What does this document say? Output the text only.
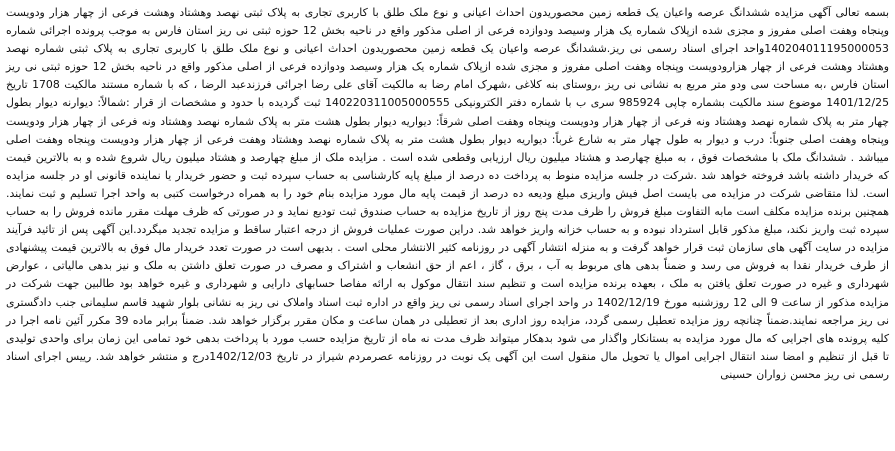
بسمه تعالی آگهی مزایده ششدانگ عرصه واعیان یک قطعه زمین محصوریدون احداث اعیانی و نوع ملک طلق با کاربری تجاری به پلاک ثبتی نهصد وهشتاد وهشت فرعی از چهار هزار ودویست وپنجاه وهفت اصلی مفروز و مجزی شده ازپلاک شماره یک هزار وسیصد ودوازده فرعی از اصلی مذکور واقع در ناحیه بخش 12 حوزه ثبتی نی ریز استان فارس به موجب پرونده اجرائی شماره 140204011195000053واحد اجرای اسناد رسمی نی ریز.ششدانگ عرصه واعیان یک قطعه زمین محصوریدون احداث اعیانی و نوع ملک طلق با کاربری تجاری به پلاک ثبتی شماره نهصد وهشتاد وهشت فرعی از چهار هزارودویست وپنجاه وهفت اصلی مفروز و مجزی شده ازپلاک شماره یک هزار وسیصد ودوازده فرعی از اصلی مذکور واقع در ناحیه بخش 12 حوزه ثبتی نی ریز استان فارس ،به مساحت سی ودو متر مربع به نشانی نی ریز ،روستای بنه کلاغی ،شهرک امام رضا به مالکیت آقای علی رضا اجرائی فرزندعبد الرضا ، که با شماره مستند مالکیت 1708 تاریخ 1401/12/25 موضوع سند مالکیت بشماره چاپی 985924 سری ب با شماره دفتر الکترونیکی 140220311005000555 ثبت گردیده با حدود و مشخصات از قرار :شمالاً: دیوارنه دیوار بطول چهار متر به پلاک شماره نهصد وهشتاد ونه فرعی از چهار هزار ودویست وپنجاه وهفت اصلی شرقاً: دیواریه دیوار بطول هشت متر به پلاک شماره نهصد وهشتاد ونه فرعی از چهار هزار ودویست وپنجاه وهفت اصلی جنوباً: درب و دیوار به طول چهار متر به شارع غرباً: دیواریه دیوار بطول هشت متر به پلاک شماره نهصد وهشتاد وهفت فرعی از چهار هزار ودویست وپنجاه وهفت اصلی میباشد . ششدانگ ملک با مشخصات فوق ، به مبلغ چهارصد و هشتاد میلیون ریال ارزیابی وقطعی شده است . مزایده ملک از مبلغ چهارصد و هشتاد میلیون ریال شروع شده و به بالاترین قیمت که خریدار داشته باشد فروخته خواهد شد .شرکت در جلسه مزایده منوط به پرداخت ده درصد از مبلغ پایه کارشناسی به حساب سپرده ثبت و حضور خریدار یا نماینده قانونی او در جلسه مزایده است. لذا متقاضی شرکت در مزایده می بایست اصل فیش واریزی مبلغ ودیعه ده درصد از قیمت پایه مال مورد مزایده بنام خود را به همراه درخواست کتبی به واحد اجرا تسلیم و ثبت نمایند. همچنین برنده مزایده مکلف است مابه التفاوت مبلغ فروش را ظرف مدت پنج روز از تاریخ مزایده به حساب صندوق ثبت تودیع نماید و در صورتی که ظرف مهلت مقرر مانده فروش را به حساب سپرده ثبت واریز نکند، مبلغ مذکور قابل استرداد نبوده و به حساب خزانه واریز خواهد شد. دراین صورت عملیات فروش از درجه اعتبار ساقط و مزایده تجدید میگردد.این آگهی پس از تائید فرآیند مزایده در سایت آگهی های سازمان ثبت قرار خواهد گرفت و به منزله انتشار آگهی در روزنامه کثیر الانتشار محلی است . بدیهی است در صورت تعدد خریدار مال فوق به بالاترین قیمت پیشنهادی از طرف خریدار نقدا به فروش می رسد و ضمناً بدهی های مربوط به آب ، برق ، گاز ، اعم از حق انشعاب و اشتراک و مصرف در صورت تعلق داشتن به ملک و نیز بدهی مالیاتی ، عوارض شهرداری و غیره در صورت تعلق یافتن به ملک ، بعهده برنده مزایده است و تنظیم سند انتقال موکول به ارائه مفاصا حسابهای دارایی و شهرداری و غیره خواهد بود طالبین جهت شرکت در مزایده مذکور از ساعت 9 الی 12 روزشنبه مورخ 1402/12/19 در واحد اجرای اسناد رسمی نی ریز واقع در اداره ثبت اسناد واملاک نی ریز به نشانی بلوار شهید قاسم سلیمانی جنب دادگستری نی ریز مراجعه نمایند.ضمناً چنانچه روز مزایده تعطیل رسمی گردد، مزایده روز اداری بعد از تعطیلی در همان ساعت و مکان مقرر برگزار خواهد شد. ضمناً برابر ماده 39 مکرر آئین نامه اجرا در کلیه پرونده های اجرایی که مال مورد مزایده به بستانکار واگذار می شود بدهکار میتواند ظرف مدت نه ماه از تاریخ مزایده حسب مورد با پرداخت بدهی خود تمامی این زمان برای واحدی تولیدی تا قبل از تنظیم و امضا سند انتقال اجرایی اموال یا تحویل مال منقول است این آگهی یک نوبت در روزنامه عصرمردم شیراز در تاریخ 1402/12/03درج و منتشر خواهد شد. رییس اجرای اسناد رسمی نی ریز محسن زواران حسینی
